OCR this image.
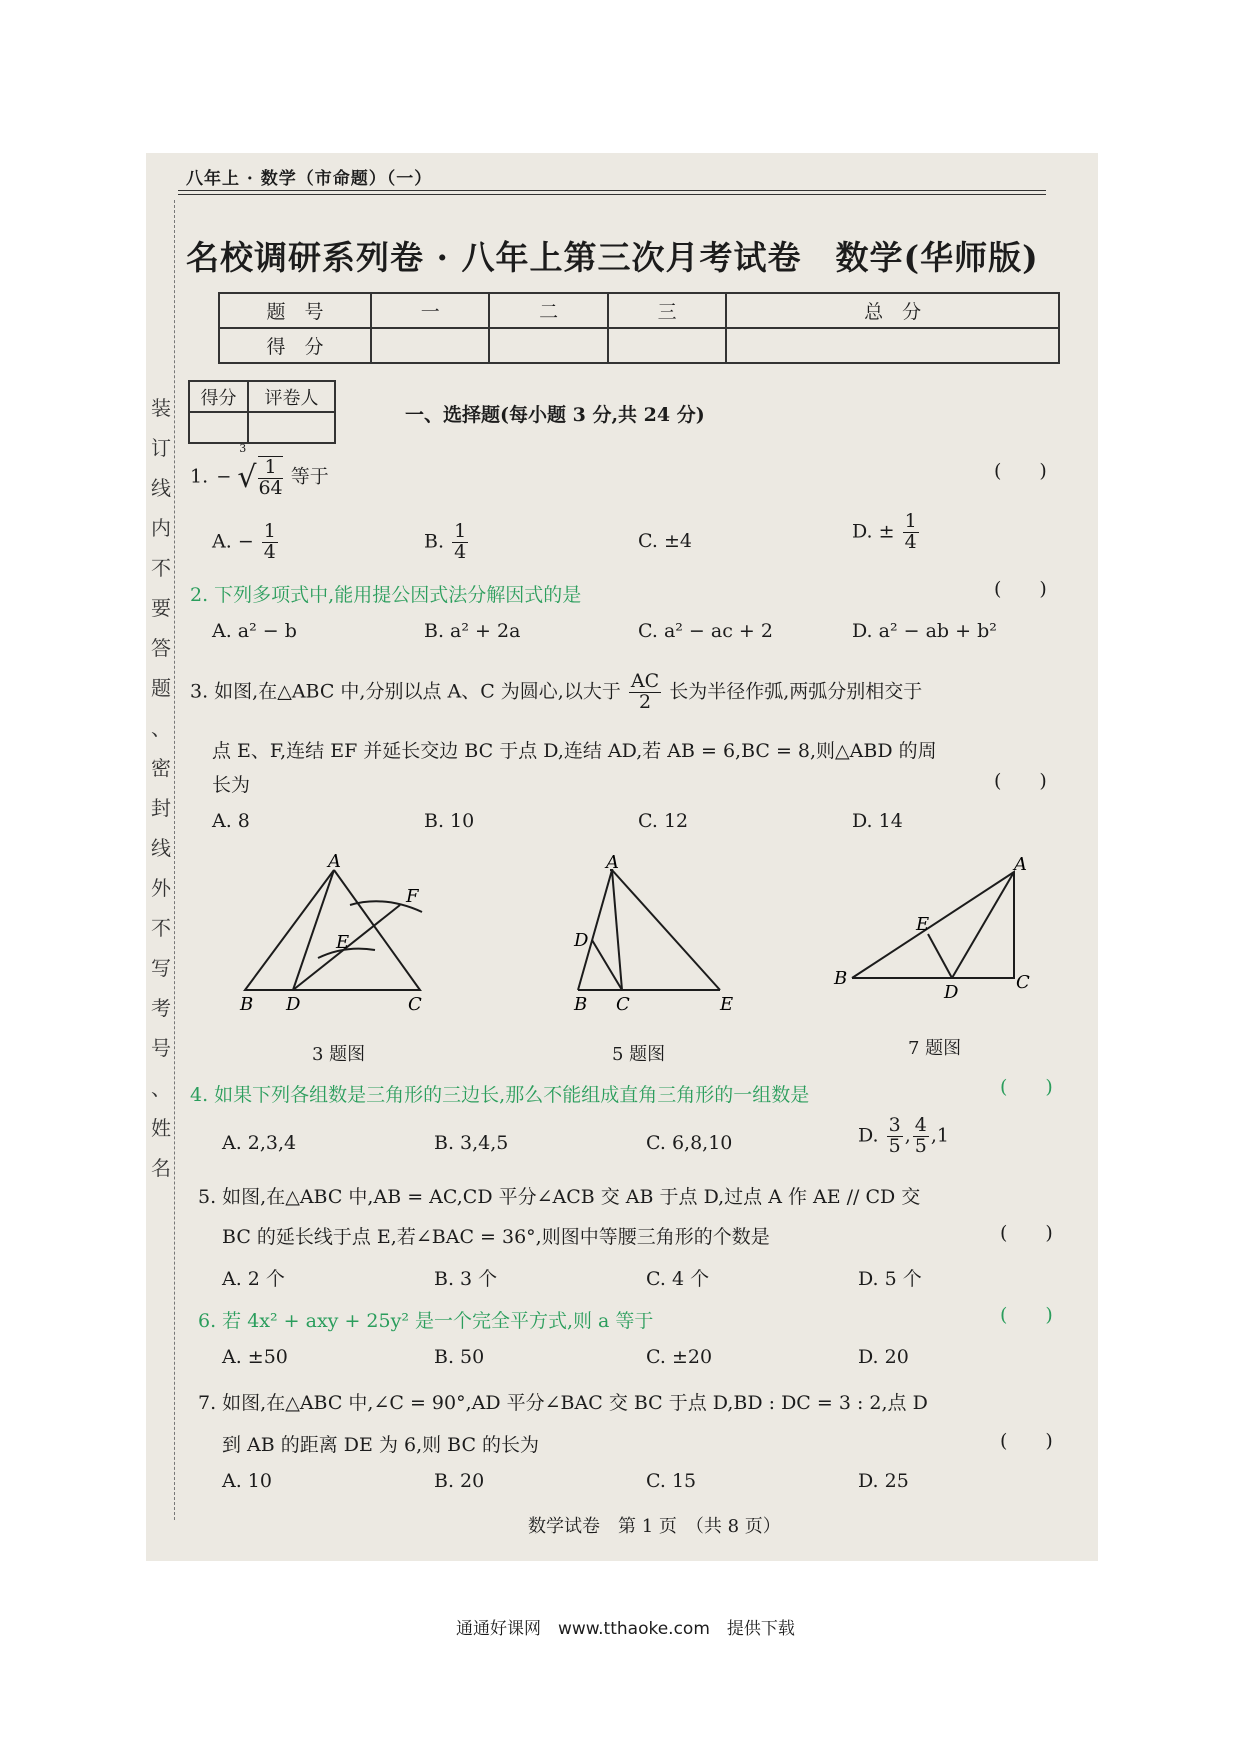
八年上 · 数学（市命题）（一）
装
订
线
内
不
要
答
题
、
密
封
线
外
不
写
考
号
、
姓
名
名校调研系列卷 · 八年上第三次月考试卷　数学(华师版)
题　号	一	二	三	总　分
得　分				
得分	评卷人

一、选择题(每小题 3 分,共 24 分)
1. −
3
√ $\frac{1}{64}$ 等于	(　　)
A. − $\frac{1}{4}$	B. $\frac{1}{4}$	C. ±4	D. ± $\frac{1}{4}$
2. 下列多项式中,能用提公因式法分解因式的是	(　　)
A. a² − b	B. a² + 2a	C. a² − ac + 2	D. a² − ab + b²
3. 如图,在△ABC 中,分别以点 A、C 为圆心,以大于 $\frac{AC}{2}$ 长为半径作弧,两弧分别相交于
点 E、F,连结 EF 并延长交边 BC 于点 D,连结 AD,若 AB = 6,BC = 8,则△ABD 的周
长为	(　　)
A. 8	B. 10	C. 12	D. 14
A
B D	C
F
E
3 题图
B
A
D
C	E
5 题图
B
A
C
D
E
7 题图
4. 如果下列各组数是三角形的三边长,那么不能组成直角三角形的一组数是	(　　)
A. 2,3,4	B. 3,4,5	C. 6,8,10	D. $\frac{3}{5}$ , $\frac{4}{5} ,1$
5. 如图,在△ABC 中,AB = AC,CD 平分∠ACB 交 AB 于点 D,过点 A 作 AE // CD 交
BC 的延长线于点 E,若∠BAC = 36°,则图中等腰三角形的个数是	(　　)
A. 2 个	B. 3 个	C. 4 个	D. 5 个
6. 若 4x² + axy + 25y² 是一个完全平方式,则 a 等于	(　　)
A. ±50	B. 50	C. ±20	D. 20
7. 如图,在△ABC 中,∠C = 90°,AD 平分∠BAC 交 BC 于点 D,BD : DC = 3 : 2,点 D
到 AB 的距离 DE 为 6,则 BC 的长为	(　　)
A. 10	B. 20	C. 15	D. 25
数学试卷　第 1 页　（共 8 页）
通通好课网　www.tthaoke.com　提供下载
